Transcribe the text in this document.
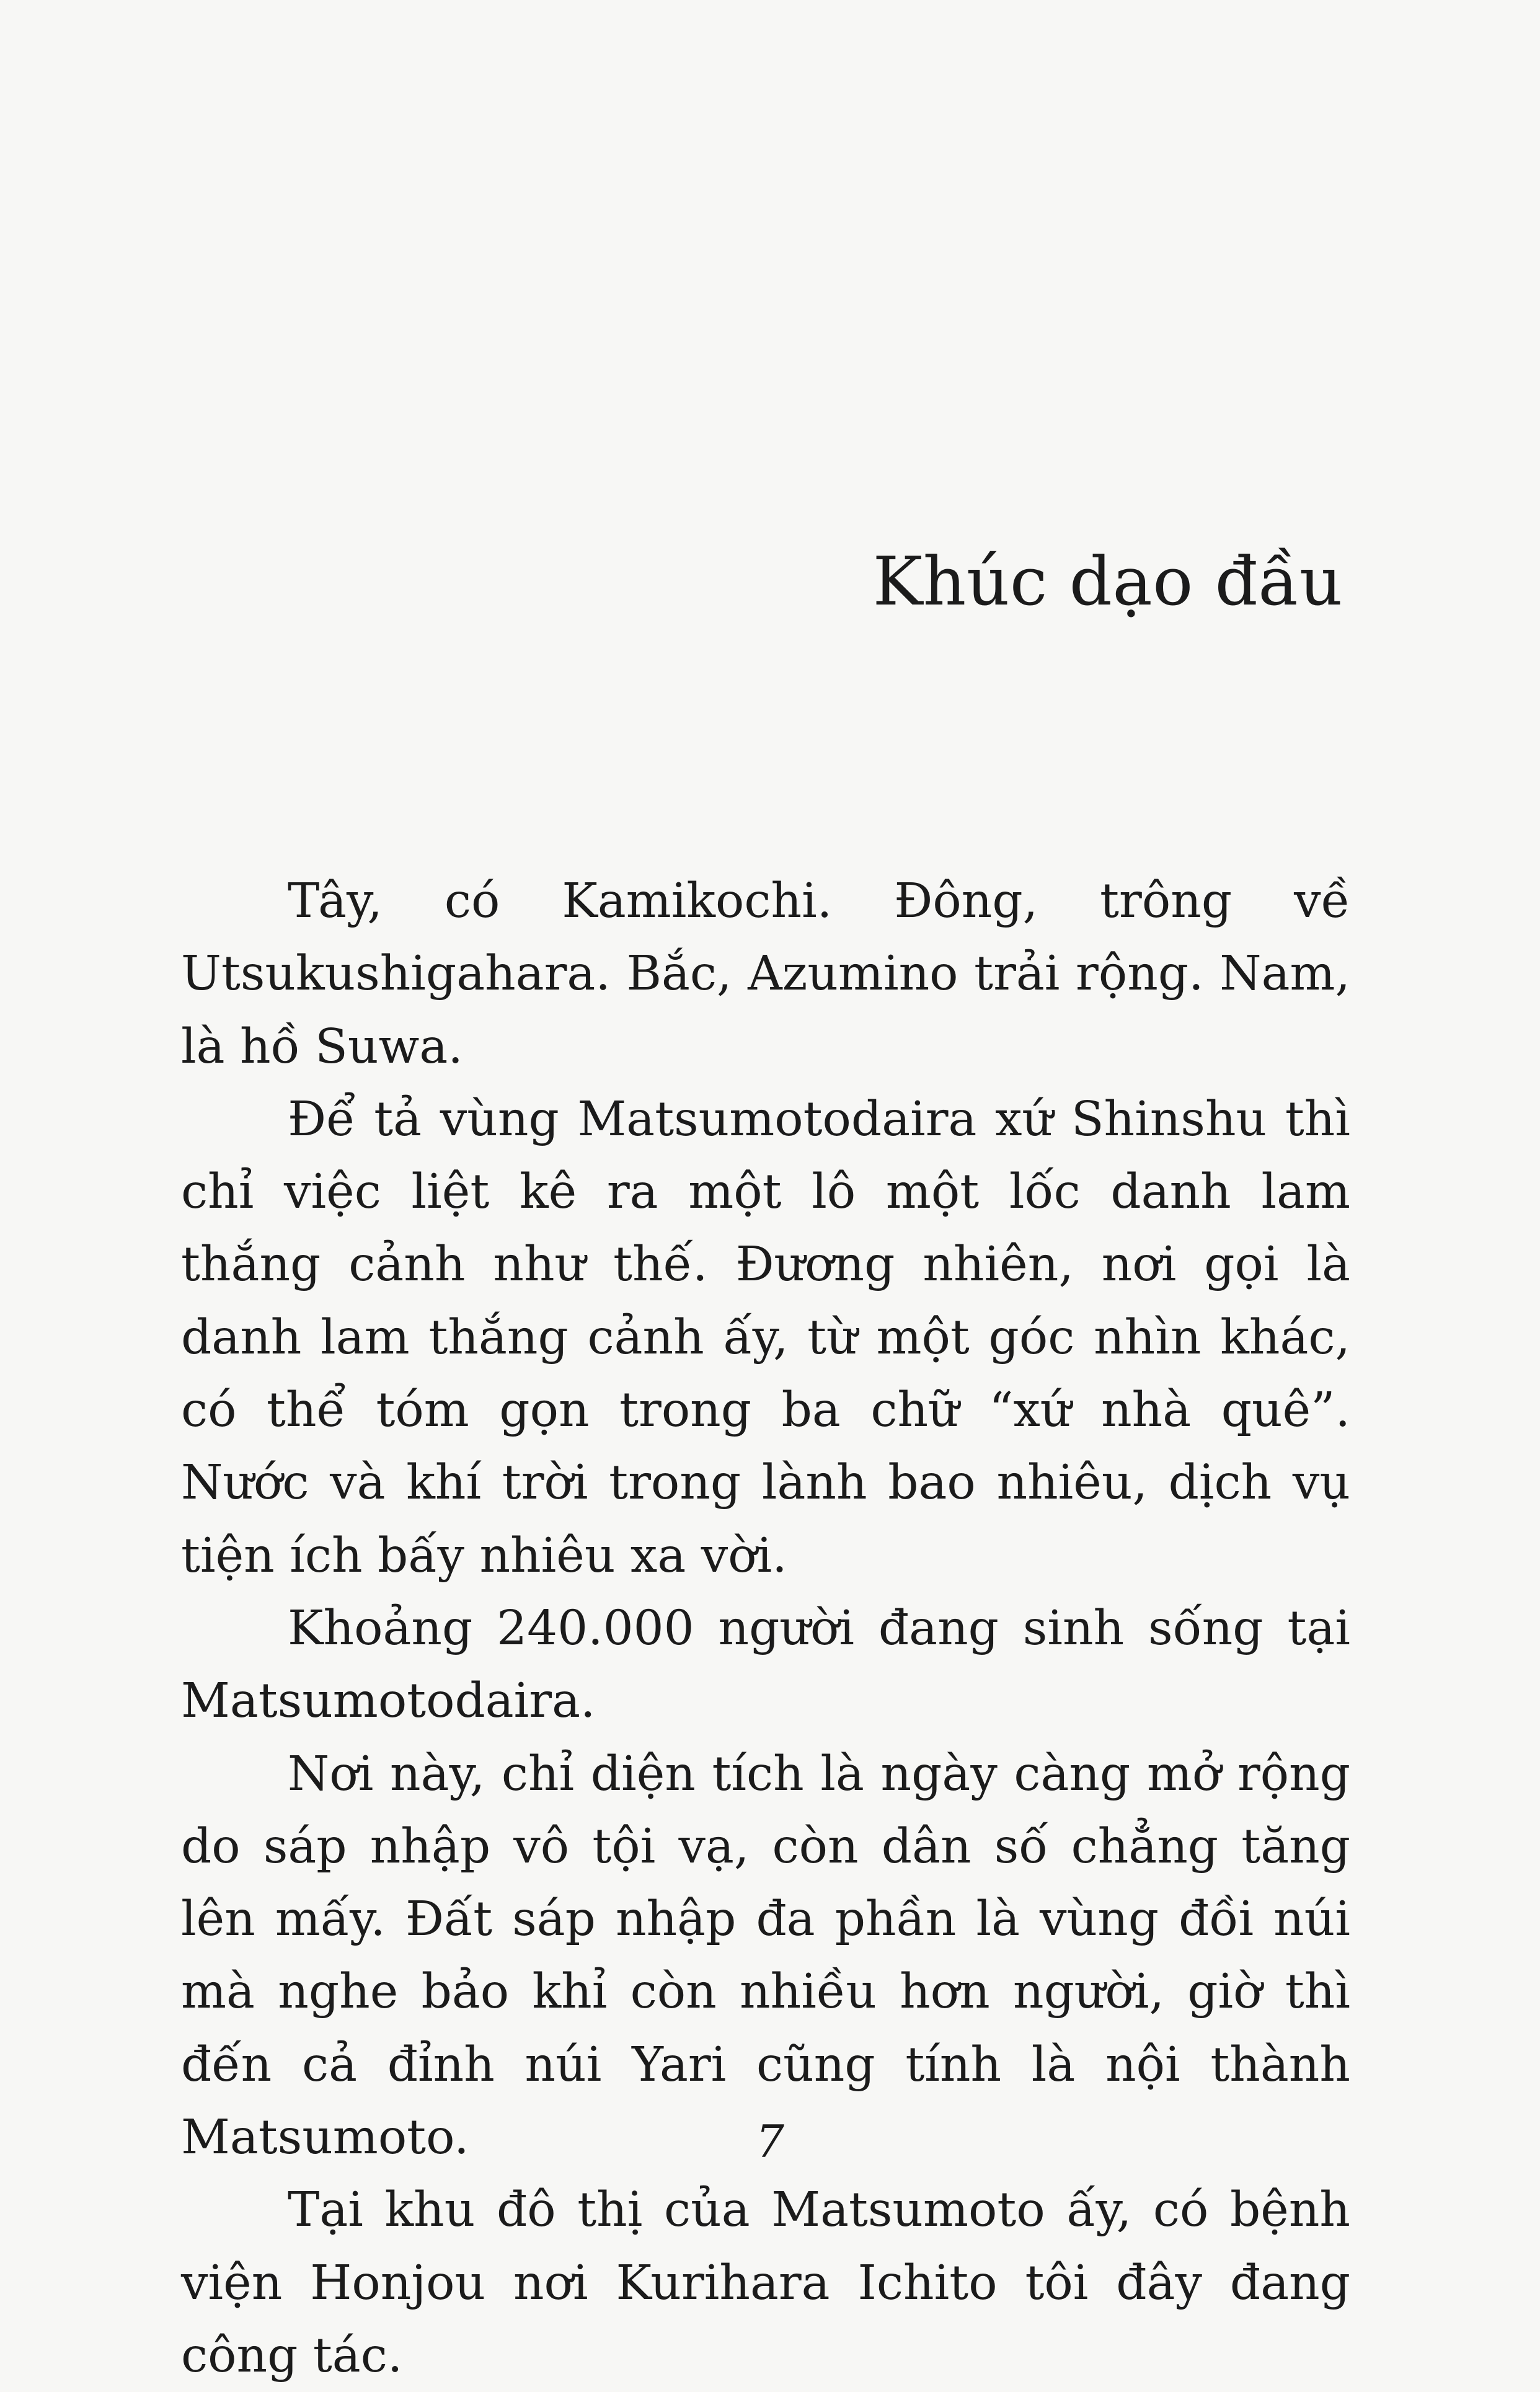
Khúc dạo đầu

Tây, có Kamikochi. Đông, trông về Utsukushigahara. Bắc, Azumino trải rộng. Nam, là hồ Suwa.

Để tả vùng Matsumotodaira xứ Shinshu thì chỉ việc liệt kê ra một lô một lốc danh lam thắng cảnh như thế. Đương nhiên, nơi gọi là danh lam thắng cảnh ấy, từ một góc nhìn khác, có thể tóm gọn trong ba chữ “xứ nhà quê”. Nước và khí trời trong lành bao nhiêu, dịch vụ tiện ích bấy nhiêu xa vời.

Khoảng 240.000 người đang sinh sống tại Matsumotodaira.

Nơi này, chỉ diện tích là ngày càng mở rộng do sáp nhập vô tội vạ, còn dân số chẳng tăng lên mấy. Đất sáp nhập đa phần là vùng đồi núi mà nghe bảo khỉ còn nhiều hơn người, giờ thì đến cả đỉnh núi Yari cũng tính là nội thành Matsumoto.

Tại khu đô thị của Matsumoto ấy, có bệnh viện Honjou nơi Kurihara Ichito tôi đây đang công tác.

7
